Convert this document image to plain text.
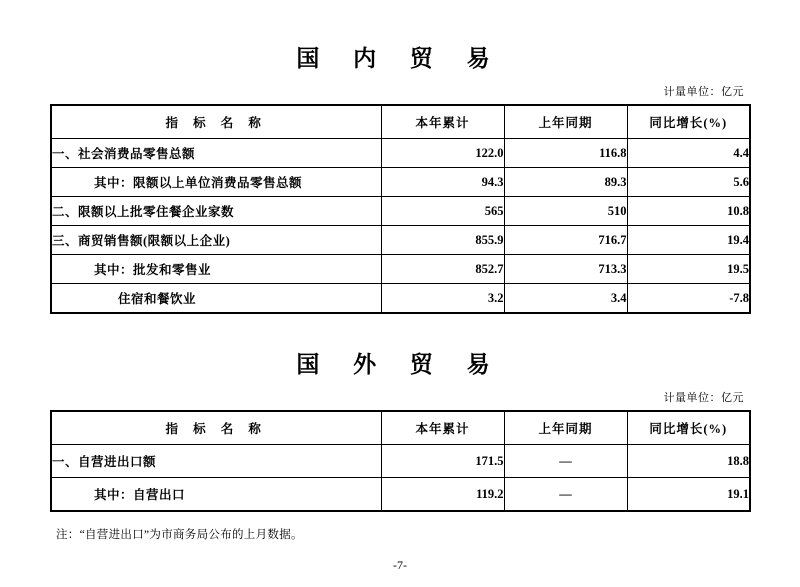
国 内 贸 易
计量单位：亿元
指 标 名 称	本年累计	上年同期	同比增长(%)
一、社会消费品零售总额	122.0	116.8	4.4
其中：限额以上单位消费品零售总额	94.3	89.3	5.6
二、限额以上批零住餐企业家数	565	510	10.8
三、商贸销售额(限额以上企业)	855.9	716.7	19.4
其中：批发和零售业	852.7	713.3	19.5
住宿和餐饮业	3.2	3.4	-7.8
国 外 贸 易
计量单位：亿元
指 标 名 称	本年累计	上年同期	同比增长(%)
一、自营进出口额	171.5	—	18.8
其中：自营出口	119.2	—	19.1
注：“自营进出口”为市商务局公布的上月数据。
-7-
